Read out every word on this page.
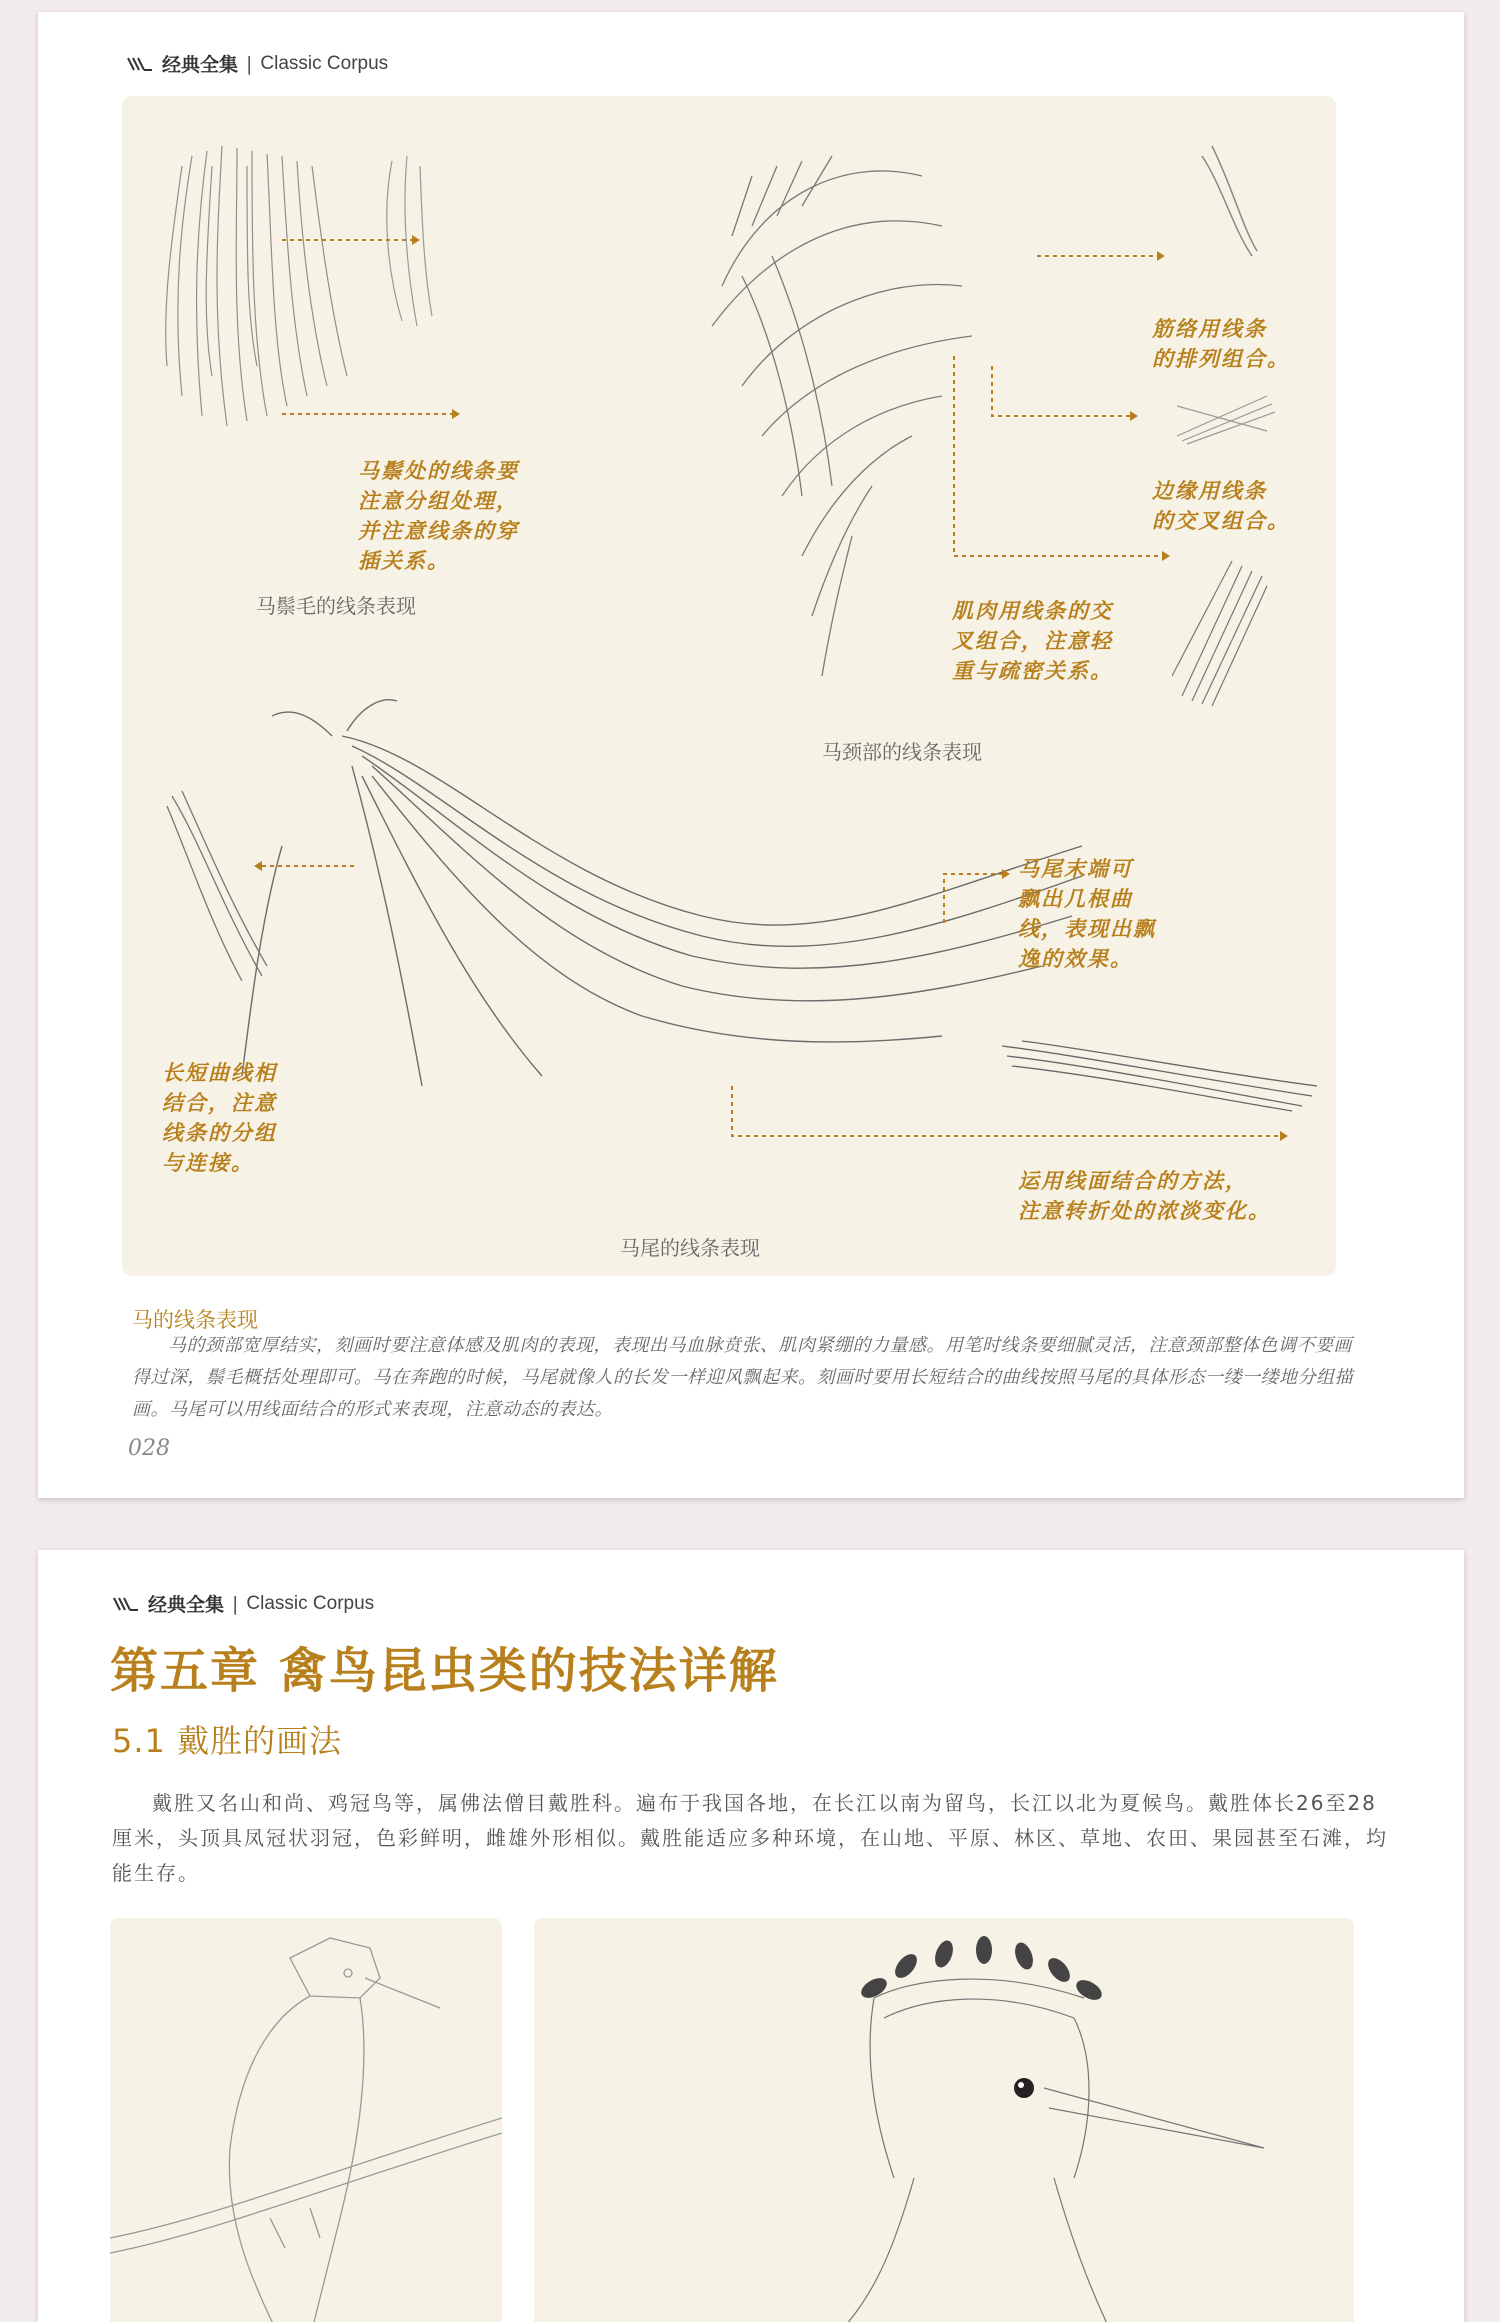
经典全集 | Classic Corpus
马鬃处的线条要
注意分组处理，
并注意线条的穿
插关系。
马鬃毛的线条表现
筋络用线条
的排列组合。
边缘用线条
的交叉组合。
肌肉用线条的交
叉组合，注意轻
重与疏密关系。
马颈部的线条表现
马尾末端可
飘出几根曲
线，表现出飘
逸的效果。
长短曲线相
结合，注意
线条的分组
与连接。
运用线面结合的方法，
注意转折处的浓淡变化。
马尾的线条表现
马的线条表现
马的颈部宽厚结实，刻画时要注意体感及肌肉的表现，表现出马血脉贲张、肌肉紧绷的力量感。用笔时线条要细腻灵活，注意颈部整体色调不要画得过深，鬃毛概括处理即可。马在奔跑的时候，马尾就像人的长发一样迎风飘起来。刻画时要用长短结合的曲线按照马尾的具体形态一缕一缕地分组描画。马尾可以用线面结合的形式来表现，注意动态的表达。
028
经典全集 | Classic Corpus
第五章 禽鸟昆虫类的技法详解
5.1 戴胜的画法
戴胜又名山和尚、鸡冠鸟等，属佛法僧目戴胜科。遍布于我国各地，在长江以南为留鸟，长江以北为夏候鸟。戴胜体长26至28厘米，头顶具凤冠状羽冠，色彩鲜明，雌雄外形相似。戴胜能适应多种环境，在山地、平原、林区、草地、农田、果园甚至石滩，均能生存。
